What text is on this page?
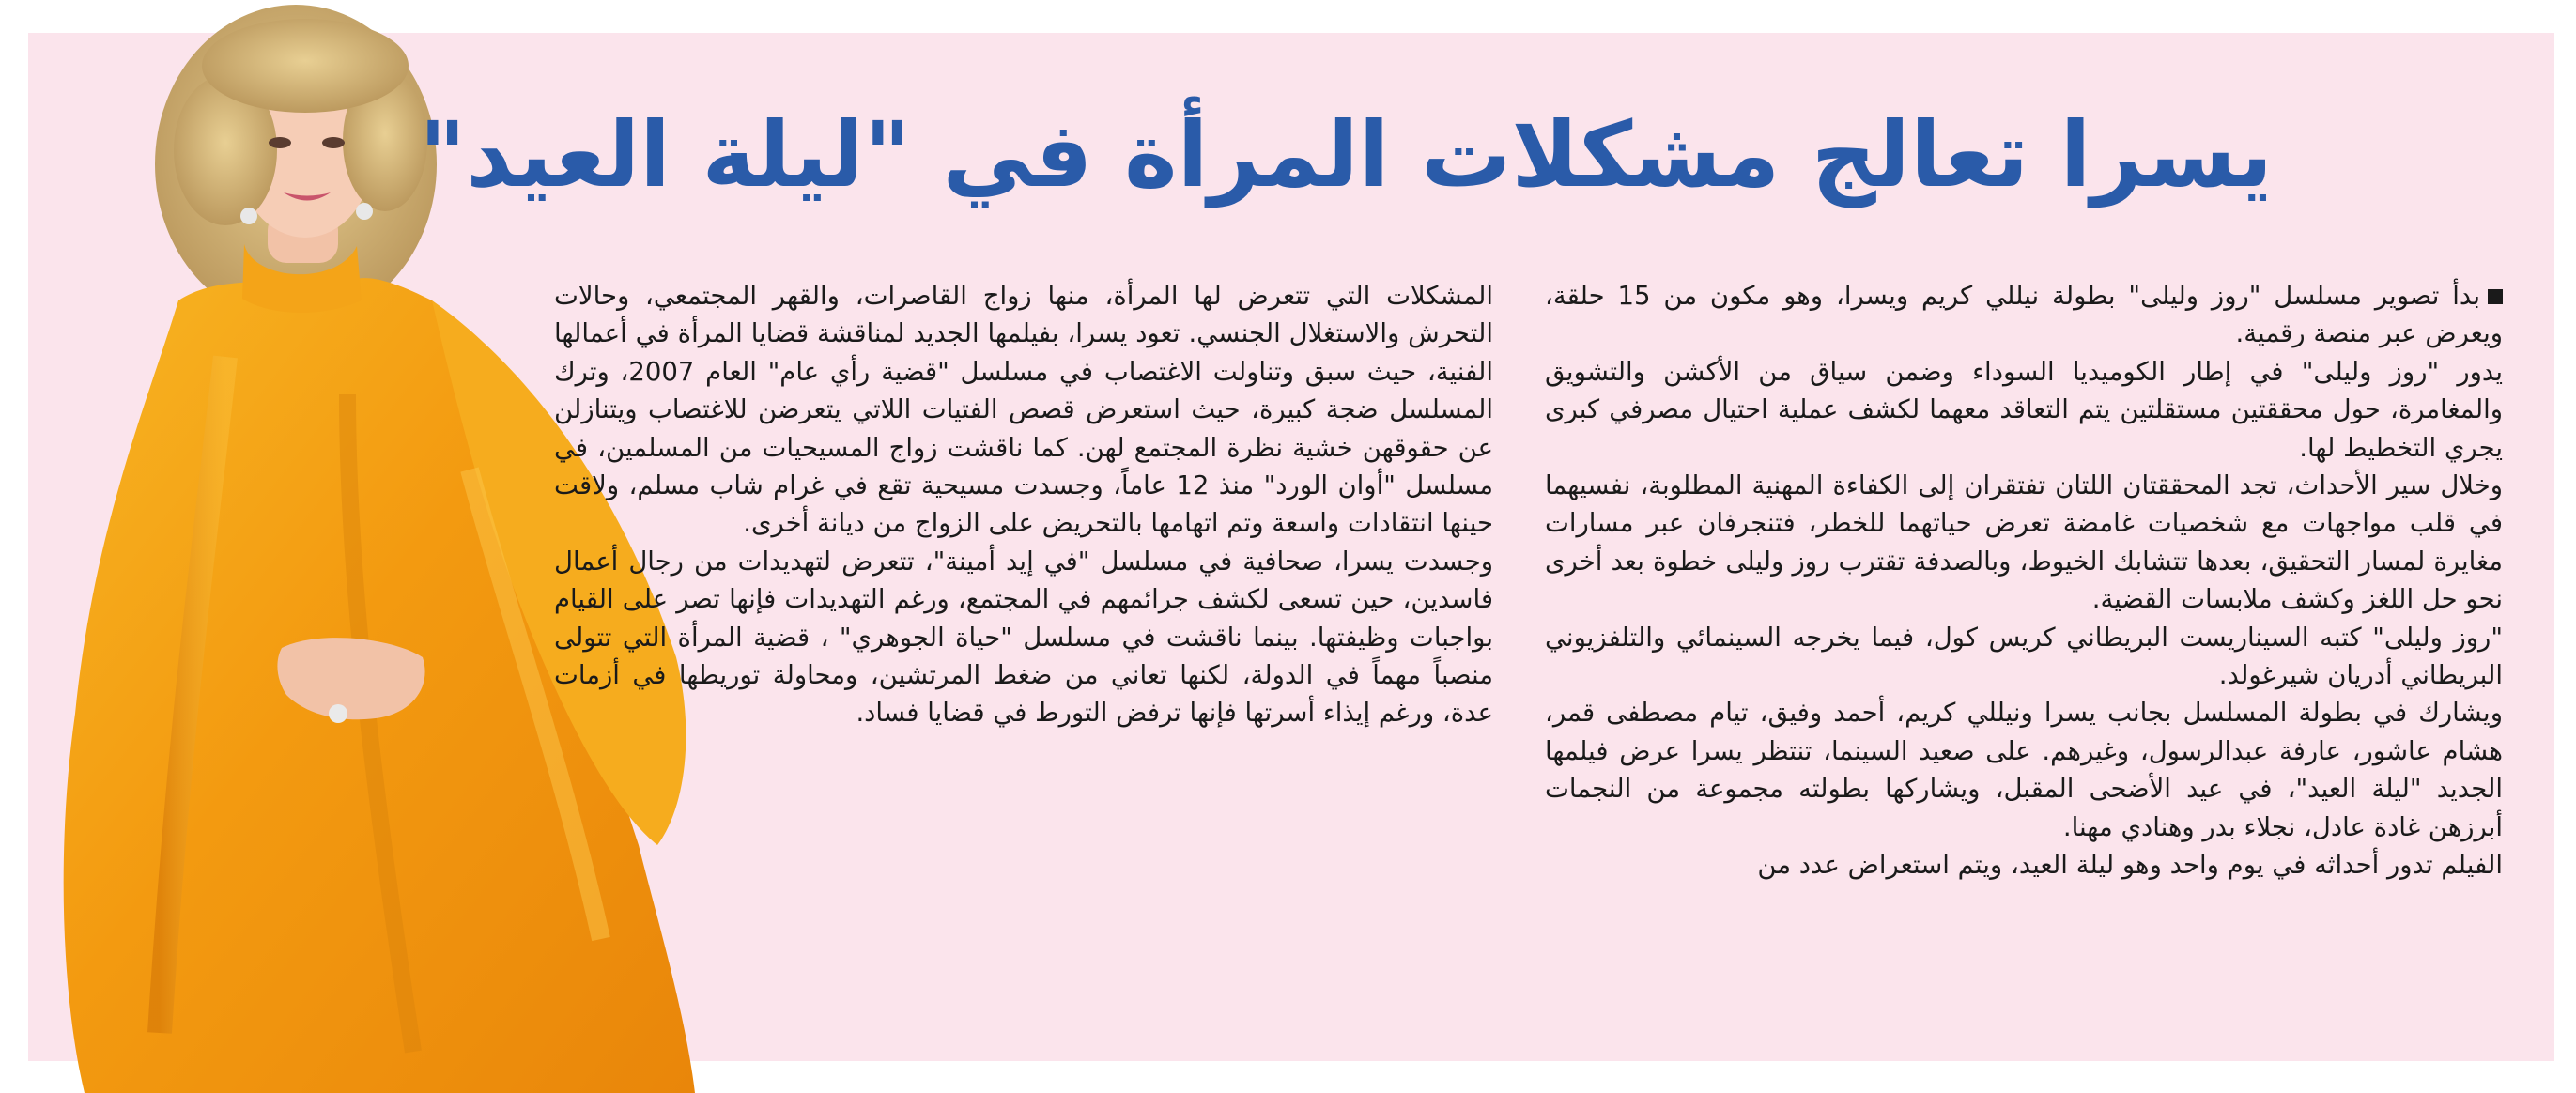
يسرا تعالج مشكلات المرأة في "ليلة العيد"

بدأ تصوير مسلسل "روز وليلى" بطولة نيللي كريم ويسرا، وهو مكون من 15 حلقة، ويعرض عبر منصة رقمية.

يدور "روز وليلى" في إطار الكوميديا السوداء وضمن سياق من الأكشن والتشويق والمغامرة، حول محققتين مستقلتين يتم التعاقد معهما لكشف عملية احتيال مصرفي كبرى يجري التخطيط لها.

وخلال سير الأحداث، تجد المحققتان اللتان تفتقران إلى الكفاءة المهنية المطلوبة، نفسيهما في قلب مواجهات مع شخصيات غامضة تعرض حياتهما للخطر، فتنجرفان عبر مسارات مغايرة لمسار التحقيق، بعدها تتشابك الخيوط، وبالصدفة تقترب روز وليلى خطوة بعد أخرى نحو حل اللغز وكشف ملابسات القضية.

"روز وليلى" كتبه السيناريست البريطاني كريس كول، فيما يخرجه السينمائي والتلفزيوني البريطاني أدريان شيرغولد.

ويشارك في بطولة المسلسل بجانب يسرا ونيللي كريم، أحمد وفيق، تيام مصطفى قمر، هشام عاشور، عارفة عبدالرسول، وغيرهم. على صعيد السينما، تنتظر يسرا عرض فيلمها الجديد "ليلة العيد"، في عيد الأضحى المقبل، ويشاركها بطولته مجموعة من النجمات أبرزهن غادة عادل، نجلاء بدر وهنادي مهنا.

الفيلم تدور أحداثه في يوم واحد وهو ليلة العيد، ويتم استعراض عدد من

المشكلات التي تتعرض لها المرأة، منها زواج القاصرات، والقهر المجتمعي، وحالات التحرش والاستغلال الجنسي. تعود يسرا، بفيلمها الجديد لمناقشة قضايا المرأة في أعمالها الفنية، حيث سبق وتناولت الاغتصاب في مسلسل "قضية رأي عام" العام 2007، وترك المسلسل ضجة كبيرة، حيث استعرض قصص الفتيات اللاتي يتعرضن للاغتصاب ويتنازلن عن حقوقهن خشية نظرة المجتمع لهن. كما ناقشت زواج المسيحيات من المسلمين، في مسلسل "أوان الورد" منذ 12 عاماً، وجسدت مسيحية تقع في غرام شاب مسلم، ولاقت حينها انتقادات واسعة وتم اتهامها بالتحريض على الزواج من ديانة أخرى.

وجسدت يسرا، صحافية في مسلسل "في إيد أمينة"، تتعرض لتهديدات من رجال أعمال فاسدين، حين تسعى لكشف جرائمهم في المجتمع، ورغم التهديدات فإنها تصر على القيام بواجبات وظيفتها. بينما ناقشت في مسلسل "حياة الجوهري" ، قضية المرأة التي تتولى منصباً مهماً في الدولة، لكنها تعاني من ضغط المرتشين، ومحاولة توريطها في أزمات عدة، ورغم إيذاء أسرتها فإنها ترفض التورط في قضايا فساد.
